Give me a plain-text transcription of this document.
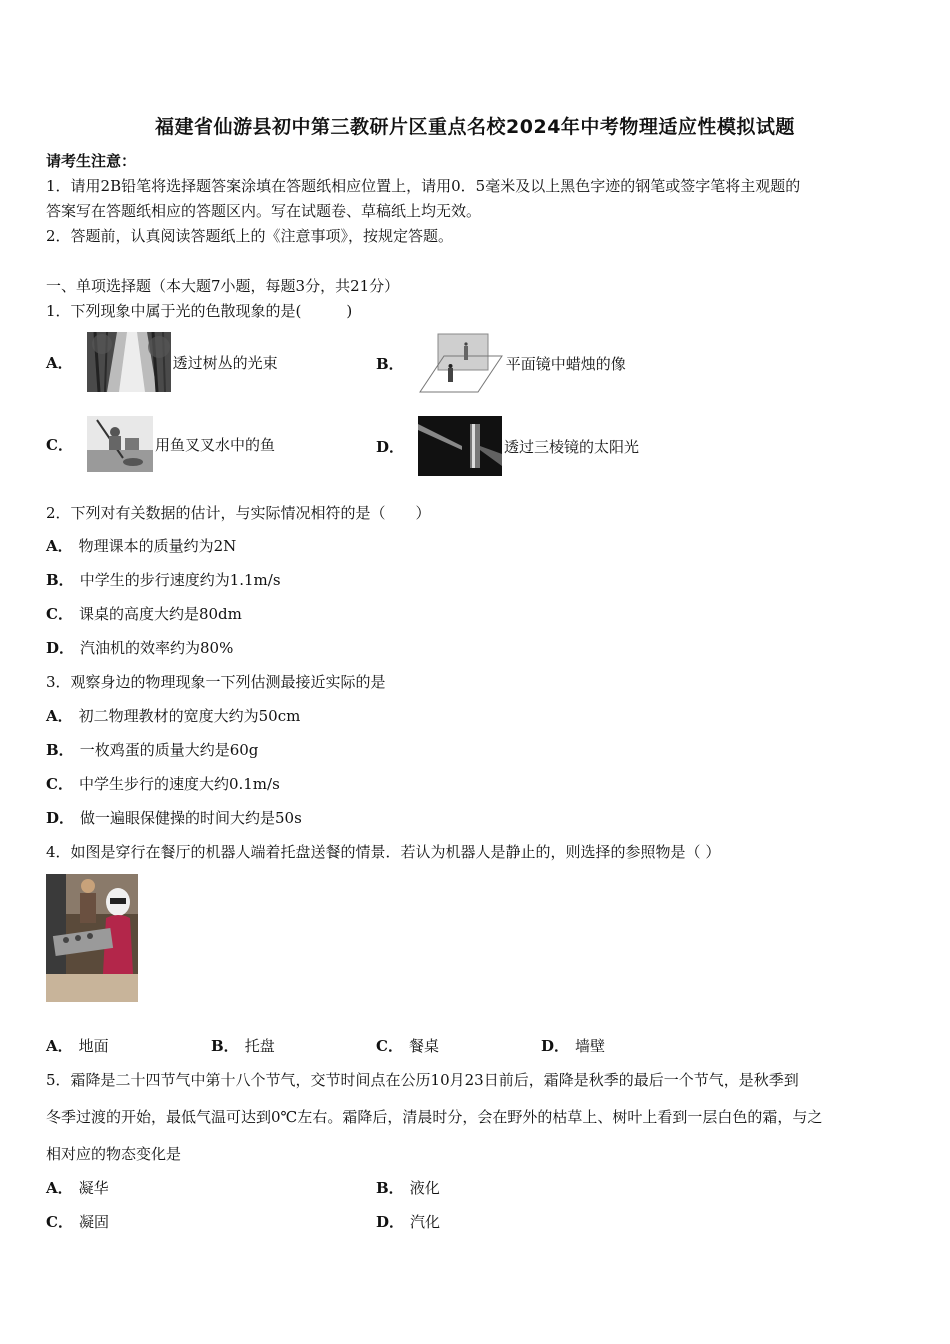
福建省仙游县初中第三教研片区重点名校2024年中考物理适应性模拟试题
请考生注意：
1．请用2B铅笔将选择题答案涂填在答题纸相应位置上，请用0．5毫米及以上黑色字迹的钢笔或签字笔将主观题的
答案写在答题纸相应的答题区内。写在试题卷、草稿纸上均无效。
2．答题前，认真阅读答题纸上的《注意事项》，按规定答题。
一、单项选择题（本大题7小题，每题3分，共21分）
1．下列现象中属于光的色散现象的是(　　　)
A．	透过树丛的光束	B．	平面镜中蜡烛的像
C．	用鱼叉叉水中的鱼	D．	透过三棱镜的太阳光
2．下列对有关数据的估计，与实际情况相符的是（　　）
A． 物理课本的质量约为2N
B． 中学生的步行速度约为1.1m/s
C． 课桌的高度大约是80dm
D． 汽油机的效率约为80%
3．观察身边的物理现象一下列估测最接近实际的是
A． 初二物理教材的宽度大约为50cm
B． 一枚鸡蛋的质量大约是60g
C． 中学生步行的速度大约0.1m/s
D． 做一遍眼保健操的时间大约是50s
4．如图是穿行在餐厅的机器人端着托盘送餐的情景．若认为机器人是静止的，则选择的参照物是（ ）
A． 地面	B． 托盘	C． 餐桌	D． 墙壁
5．霜降是二十四节气中第十八个节气，交节时间点在公历10月23日前后，霜降是秋季的最后一个节气，是秋季到
冬季过渡的开始，最低气温可达到0℃左右。霜降后，清晨时分，会在野外的枯草上、树叶上看到一层白色的霜，与之
相对应的物态变化是
A． 凝华	B． 液化
C． 凝固	D． 汽化
